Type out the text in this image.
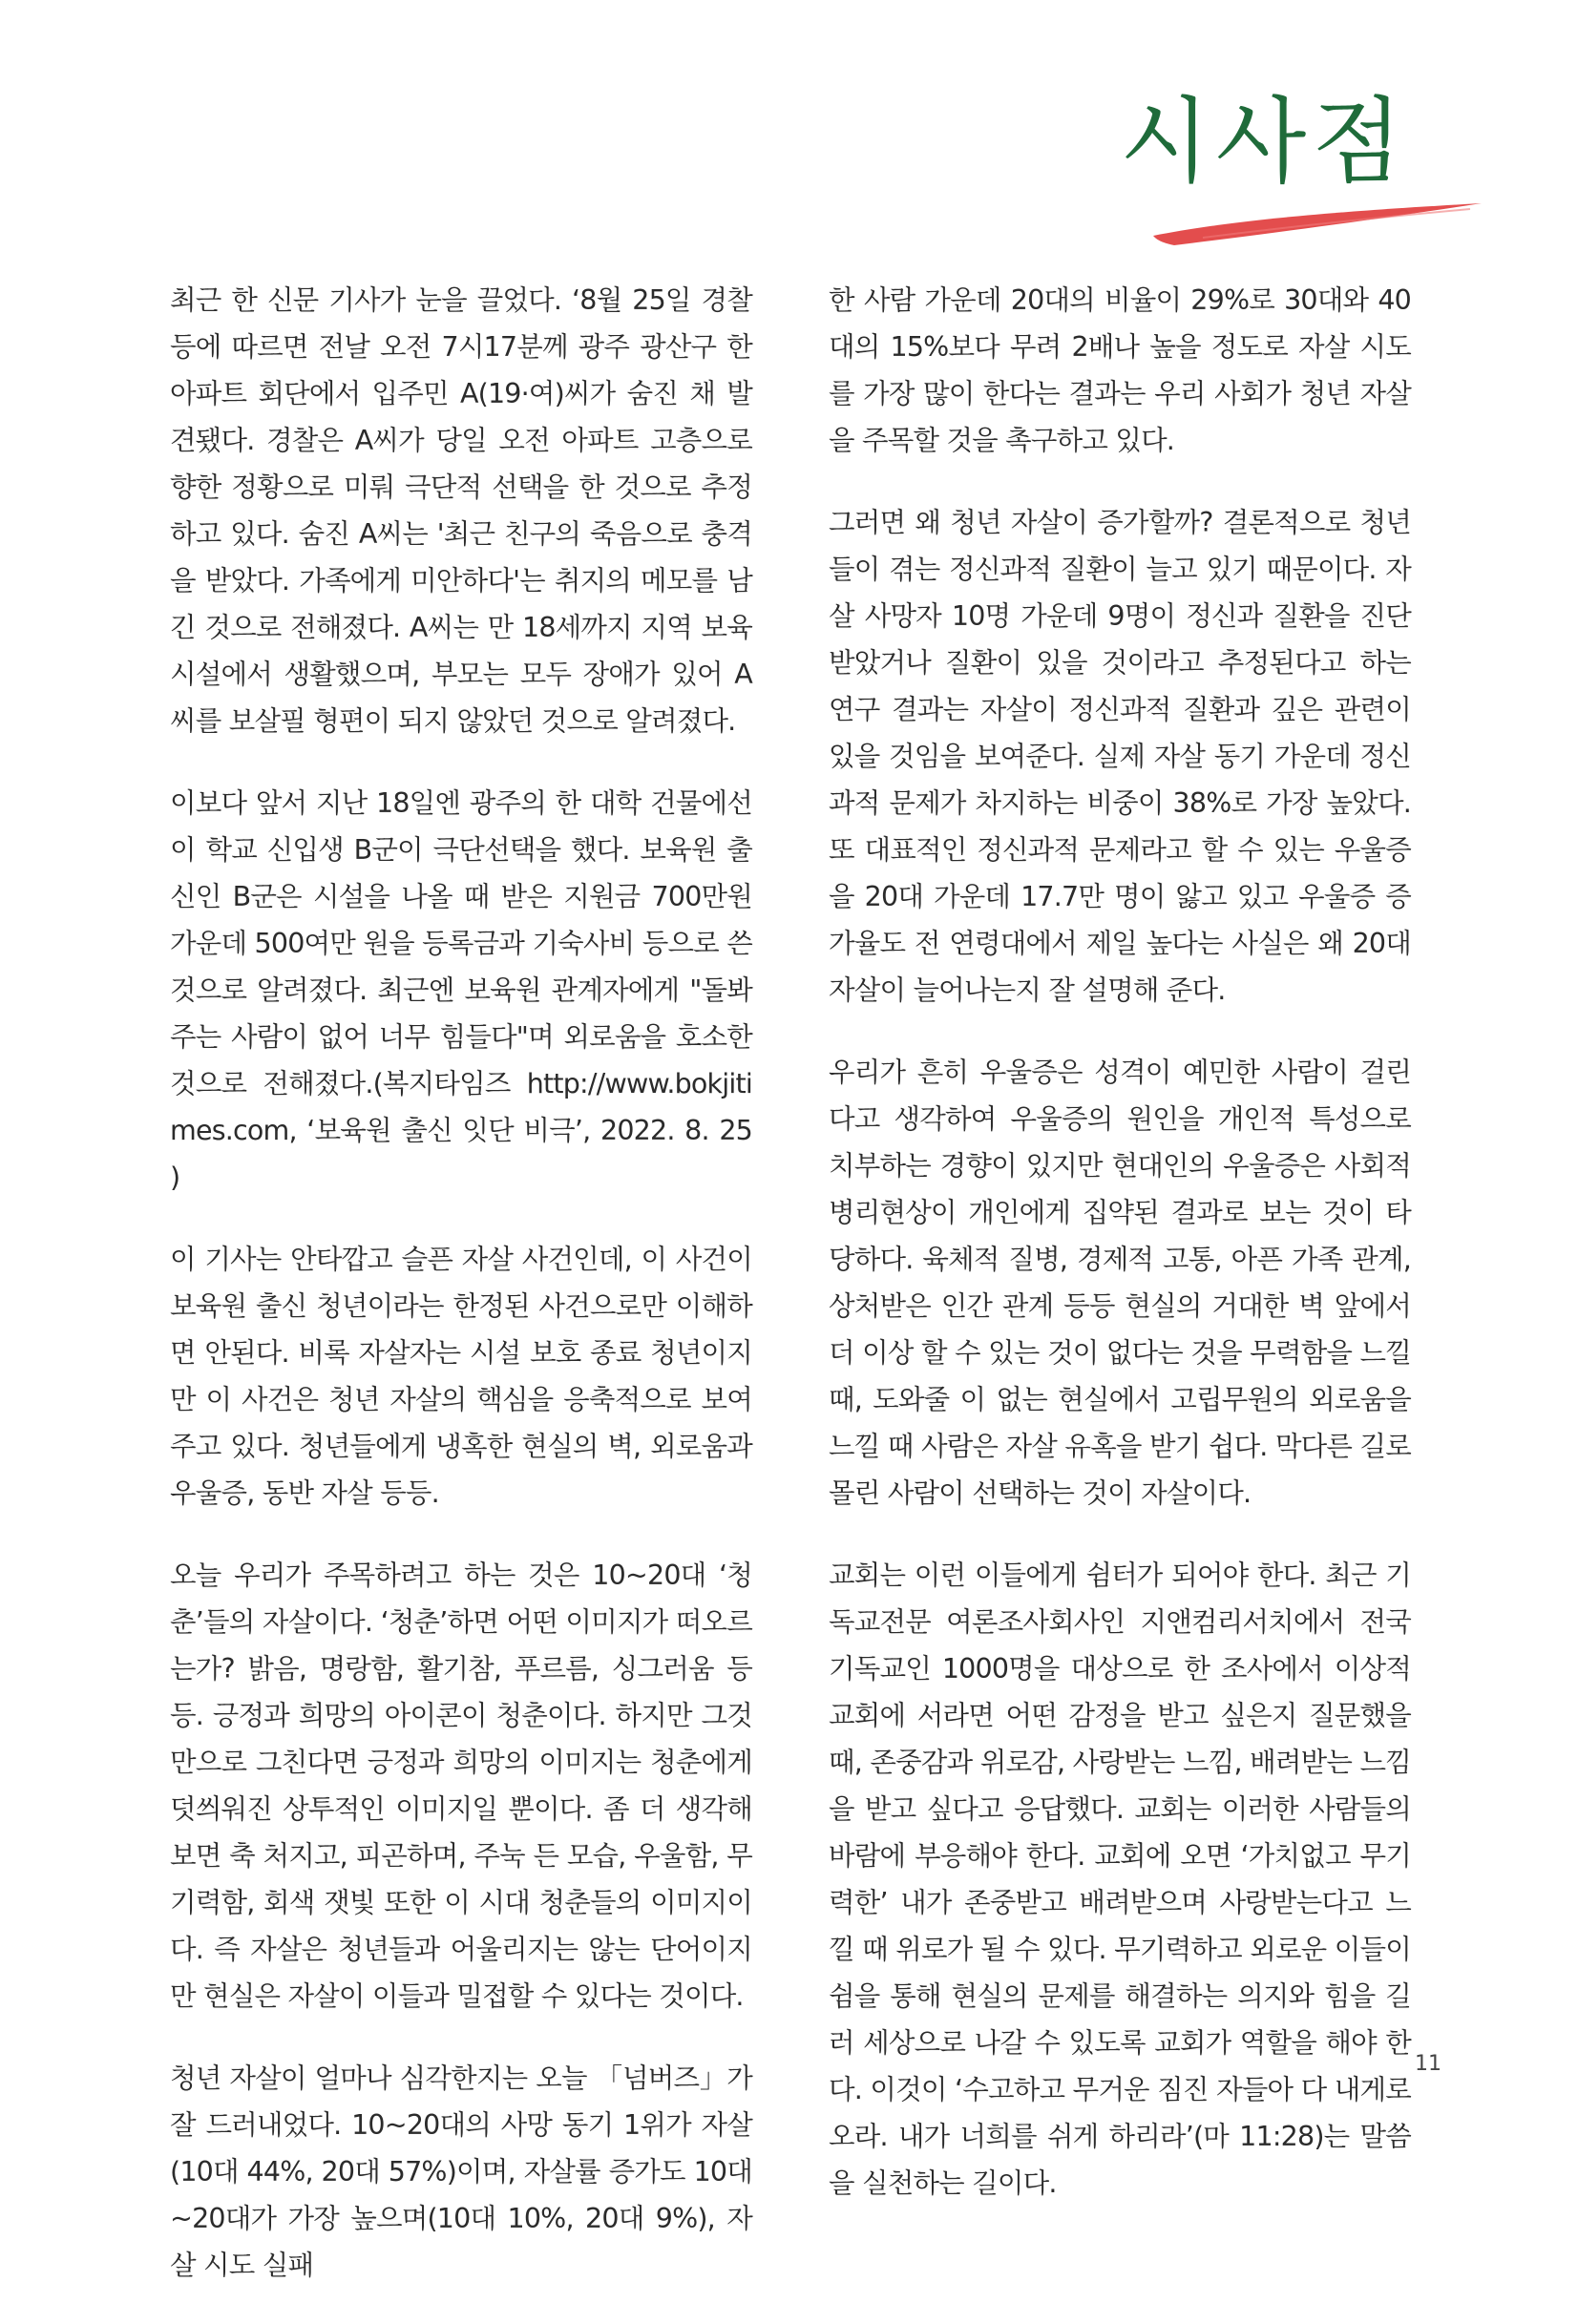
시사점

최근 한 신문 기사가 눈을 끌었다. ‘8월 25일 경찰 등에 따르면 전날 오전 7시17분께 광주 광산구 한 아파트 회단에서 입주민 A(19·여)씨가 숨진 채 발견됐다. 경찰은 A씨가 당일 오전 아파트 고층으로 향한 정황으로 미뤄 극단적 선택을 한 것으로 추정하고 있다. 숨진 A씨는 '최근 친구의 죽음으로 충격을 받았다. 가족에게 미안하다'는 취지의 메모를 남긴 것으로 전해졌다. A씨는 만 18세까지 지역 보육시설에서 생활했으며, 부모는 모두 장애가 있어 A씨를 보살필 형편이 되지 않았던 것으로 알려졌다.

이보다 앞서 지난 18일엔 광주의 한 대학 건물에선 이 학교 신입생 B군이 극단선택을 했다. 보육원 출신인 B군은 시설을 나올 때 받은 지원금 700만원 가운데 500여만 원을 등록금과 기숙사비 등으로 쓴 것으로 알려졌다. 최근엔 보육원 관계자에게 "돌봐주는 사람이 없어 너무 힘들다"며 외로움을 호소한 것으로 전해졌다.(복지타임즈 http://www.bokjitimes.com, ‘보육원 출신 잇단 비극’, 2022. 8. 25 )

이 기사는 안타깝고 슬픈 자살 사건인데, 이 사건이 보육원 출신 청년이라는 한정된 사건으로만 이해하면 안된다. 비록 자살자는 시설 보호 종료 청년이지만 이 사건은 청년 자살의 핵심을 응축적으로 보여 주고 있다. 청년들에게 냉혹한 현실의 벽, 외로움과 우울증, 동반 자살 등등.

오늘 우리가 주목하려고 하는 것은 10~20대 ‘청춘’들의 자살이다. ‘청춘’하면 어떤 이미지가 떠오르는가? 밝음, 명랑함, 활기참, 푸르름, 싱그러움 등등. 긍정과 희망의 아이콘이 청춘이다. 하지만 그것만으로 그친다면 긍정과 희망의 이미지는 청춘에게 덧씌워진 상투적인 이미지일 뿐이다. 좀 더 생각해 보면 축 처지고, 피곤하며, 주눅 든 모습, 우울함, 무기력함, 회색 잿빛 또한 이 시대 청춘들의 이미지이다. 즉 자살은 청년들과 어울리지는 않는 단어이지만 현실은 자살이 이들과 밀접할 수 있다는 것이다.

청년 자살이 얼마나 심각한지는 오늘 「넘버즈」가 잘 드러내었다. 10~20대의 사망 동기 1위가 자살(10대 44%, 20대 57%)이며, 자살률 증가도 10대~20대가 가장 높으며(10대 10%, 20대 9%), 자살 시도 실패

한 사람 가운데 20대의 비율이 29%로 30대와 40대의 15%보다 무려 2배나 높을 정도로 자살 시도를 가장 많이 한다는 결과는 우리 사회가 청년 자살을 주목할 것을 촉구하고 있다.

그러면 왜 청년 자살이 증가할까? 결론적으로 청년들이 겪는 정신과적 질환이 늘고 있기 때문이다. 자살 사망자 10명 가운데 9명이 정신과 질환을 진단받았거나 질환이 있을 것이라고 추정된다고 하는 연구 결과는 자살이 정신과적 질환과 깊은 관련이 있을 것임을 보여준다. 실제 자살 동기 가운데 정신과적 문제가 차지하는 비중이 38%로 가장 높았다. 또 대표적인 정신과적 문제라고 할 수 있는 우울증을 20대 가운데 17.7만 명이 앓고 있고 우울증 증가율도 전 연령대에서 제일 높다는 사실은 왜 20대 자살이 늘어나는지 잘 설명해 준다.

우리가 흔히 우울증은 성격이 예민한 사람이 걸린다고 생각하여 우울증의 원인을 개인적 특성으로 치부하는 경향이 있지만 현대인의 우울증은 사회적 병리현상이 개인에게 집약된 결과로 보는 것이 타당하다. 육체적 질병, 경제적 고통, 아픈 가족 관계, 상처받은 인간 관계 등등 현실의 거대한 벽 앞에서 더 이상 할 수 있는 것이 없다는 것을 무력함을 느낄 때, 도와줄 이 없는 현실에서 고립무원의 외로움을 느낄 때 사람은 자살 유혹을 받기 쉽다. 막다른 길로 몰린 사람이 선택하는 것이 자살이다.

교회는 이런 이들에게 쉼터가 되어야 한다. 최근 기독교전문 여론조사회사인 지앤컴리서치에서 전국 기독교인 1000명을 대상으로 한 조사에서 이상적 교회에 서라면 어떤 감정을 받고 싶은지 질문했을 때, 존중감과 위로감, 사랑받는 느낌, 배려받는 느낌을 받고 싶다고 응답했다. 교회는 이러한 사람들의 바람에 부응해야 한다. 교회에 오면 ‘가치없고 무기력한’ 내가 존중받고 배려받으며 사랑받는다고 느낄 때 위로가 될 수 있다. 무기력하고 외로운 이들이 쉼을 통해 현실의 문제를 해결하는 의지와 힘을 길러 세상으로 나갈 수 있도록 교회가 역할을 해야 한다. 이것이 ‘수고하고 무거운 짐진 자들아 다 내게로 오라. 내가 너희를 쉬게 하리라’(마 11:28)는 말씀을 실천하는 길이다.

11
